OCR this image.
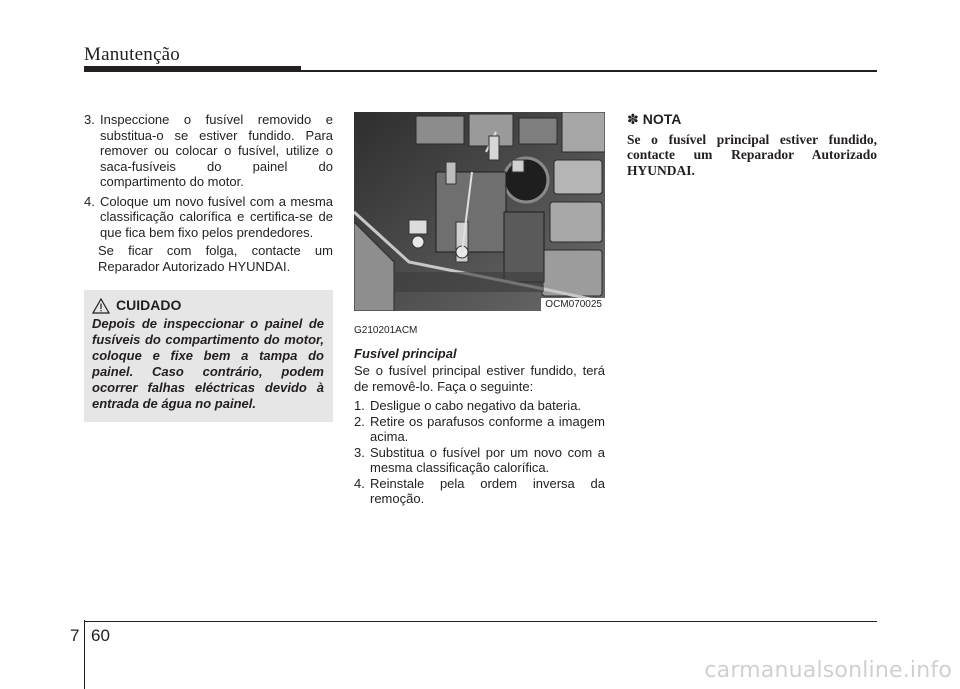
Manutenção
3. Inspeccione o fusível removido e substitua-o se estiver fundido. Para remover ou colocar o fusível, utilize o saca-fusíveis do painel do compartimento do motor.
4. Coloque um novo fusível com a mesma classificação calorífica e certifica-se de que fica bem fixo pelos prendedores.

Se ficar com folga, contacte um Reparador Autorizado HYUNDAI.

CUIDADO

Depois de inspeccionar o painel de fusíveis do compartimento do motor, coloque e fixe bem a tampa do painel. Caso contrário, podem ocorrer falhas eléctricas devido à entrada de água no painel.

OCM070025

G210201ACM

Fusível principal

Se o fusível principal estiver fundido, terá de removê-lo. Faça o seguinte:

1. Desligue o cabo negativo da bateria.
2. Retire os parafusos conforme a imagem acima.
3. Substitua o fusível por um novo com a mesma classificação calorífica.
4. Reinstale pela ordem inversa da remoção.
✽ NOTA

Se o fusível principal estiver fundido, contacte um Reparador Autorizado HYUNDAI.

7 60
carmanualsonline.info
